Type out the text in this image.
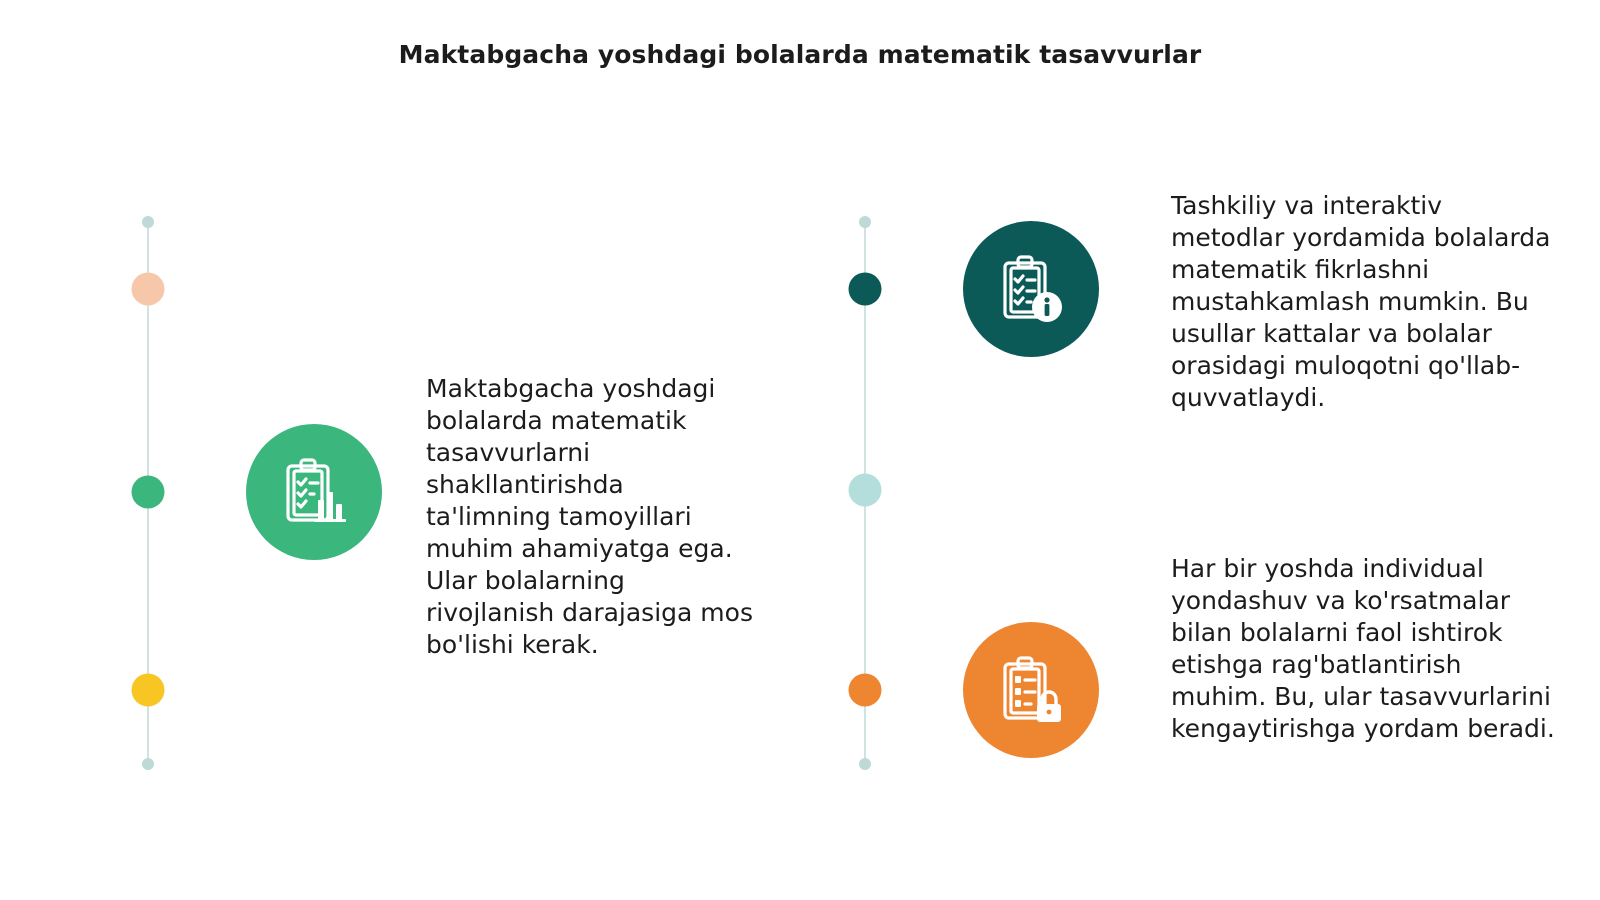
Maktabgacha yoshdagi bolalarda matematik tasavvurlar

Maktabgacha yoshdagi bolalarda matematik tasavvurlarni shakllantirishda ta'limning tamoyillari muhim ahamiyatga ega. Ular bolalarning rivojlanish darajasiga mos bo'lishi kerak.

Tashkiliy va interaktiv metodlar yordamida bolalarda matematik fikrlashni mustahkamlash mumkin. Bu usullar kattalar va bolalar orasidagi muloqotni qo'llab-quvvatlaydi.

Har bir yoshda individual yondashuv va ko'rsatmalar bilan bolalarni faol ishtirok etishga rag'batlantirish muhim. Bu, ular tasavvurlarini kengaytirishga yordam beradi.
